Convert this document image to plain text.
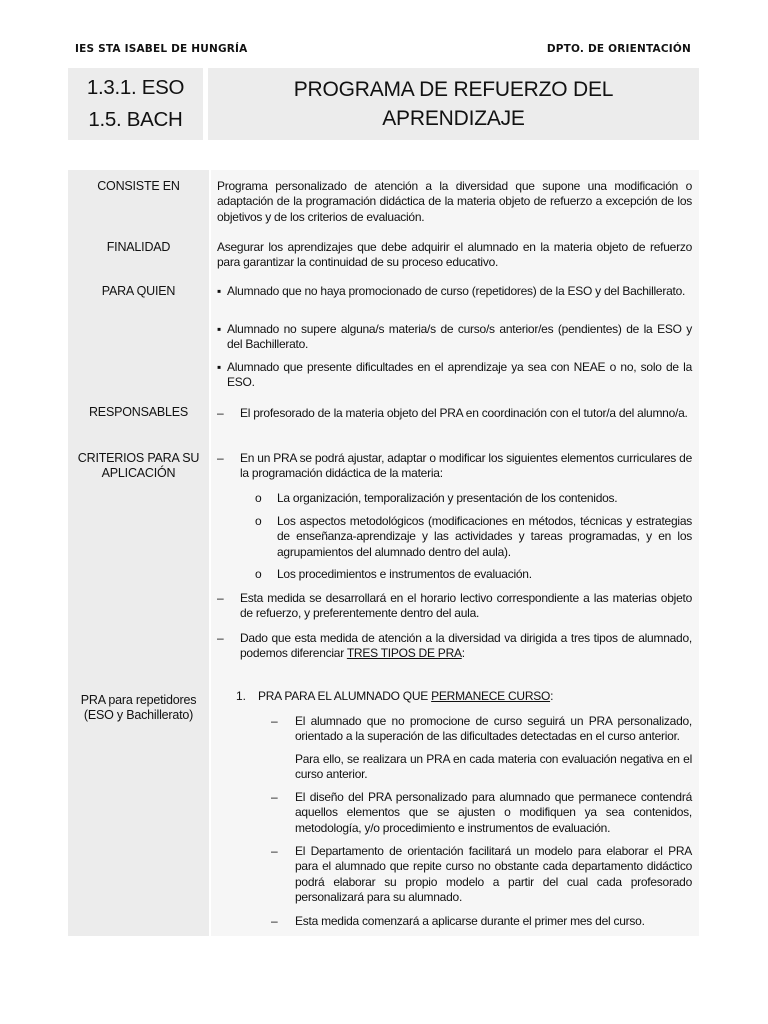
IES STA ISABEL DE HUNGRÍA	DPTO. DE ORIENTACIÓN
1.3.1. ESO
1.5. BACH
PROGRAMA DE REFUERZO DEL
APRENDIZAJE
CONSISTE EN
FINALIDAD
PARA QUIEN
RESPONSABLES
CRITERIOS PARA SU
APLICACIÓN
PRA para repetidores
(ESO y Bachillerato)
Programa personalizado de atención a la diversidad que supone una modificación o adaptación de la programación didáctica de la materia objeto de refuerzo a excepción de los objetivos y de los criterios de evaluación.
Asegurar los aprendizajes que debe adquirir el alumnado en la materia objeto de refuerzo para garantizar la continuidad de su proceso educativo.
▪ Alumnado que no haya promocionado de curso (repetidores) de la ESO y del Bachillerato.
▪ Alumnado no supere alguna/s materia/s de curso/s anterior/es (pendientes) de la ESO y del Bachillerato.
▪ Alumnado que presente dificultades en el aprendizaje ya sea con NEAE o no, solo de la ESO.
– El profesorado de la materia objeto del PRA en coordinación con el tutor/a del alumno/a.
– En un PRA se podrá ajustar, adaptar o modificar los siguientes elementos curriculares de la programación didáctica de la materia:
o La organización, temporalización y presentación de los contenidos.
o Los aspectos metodológicos (modificaciones en métodos, técnicas y estrategias de enseñanza-aprendizaje y las actividades y tareas programadas, y en los agrupamientos del alumnado dentro del aula).
o Los procedimientos e instrumentos de evaluación.
– Esta medida se desarrollará en el horario lectivo correspondiente a las materias objeto de refuerzo, y preferentemente dentro del aula.
– Dado que esta medida de atención a la diversidad va dirigida a tres tipos de alumnado, podemos diferenciar TRES TIPOS DE PRA:
1. PRA PARA EL ALUMNADO QUE PERMANECE CURSO:
– El alumnado que no promocione de curso seguirá un PRA personalizado, orientado a la superación de las dificultades detectadas en el curso anterior.
Para ello, se realizara un PRA en cada materia con evaluación negativa en el curso anterior.
– El diseño del PRA personalizado para alumnado que permanece contendrá aquellos elementos que se ajusten o modifiquen ya sea contenidos, metodología, y/o procedimiento e instrumentos de evaluación.
– El Departamento de orientación facilitará un modelo para elaborar el PRA para el alumnado que repite curso no obstante cada departamento didáctico podrá elaborar su propio modelo a partir del cual cada profesorado personalizará para su alumnado.
– Esta medida comenzará a aplicarse durante el primer mes del curso.
